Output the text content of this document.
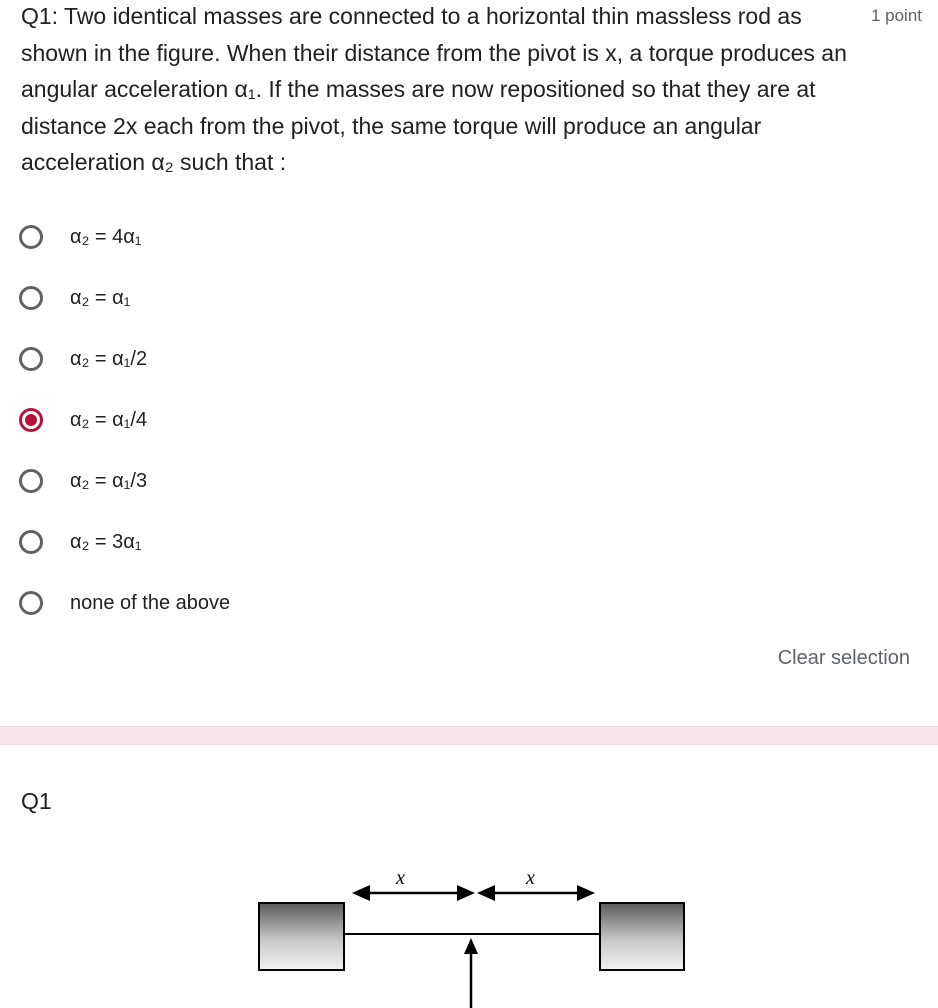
Q1: Two identical masses are connected to a horizontal thin massless rod as shown in the figure. When their distance from the pivot is x, a torque produces an angular acceleration α₁. If the masses are now repositioned so that they are at distance 2x each from the pivot, the same torque will produce an angular acceleration α₂ such that :
1 point
α₂ = 4α₁
α₂ = α₁
α₂ = α₁/2
α₂ = α₁/4
α₂ = α₁/3
α₂ = 3α₁
none of the above
Clear selection
Q1
x	x
